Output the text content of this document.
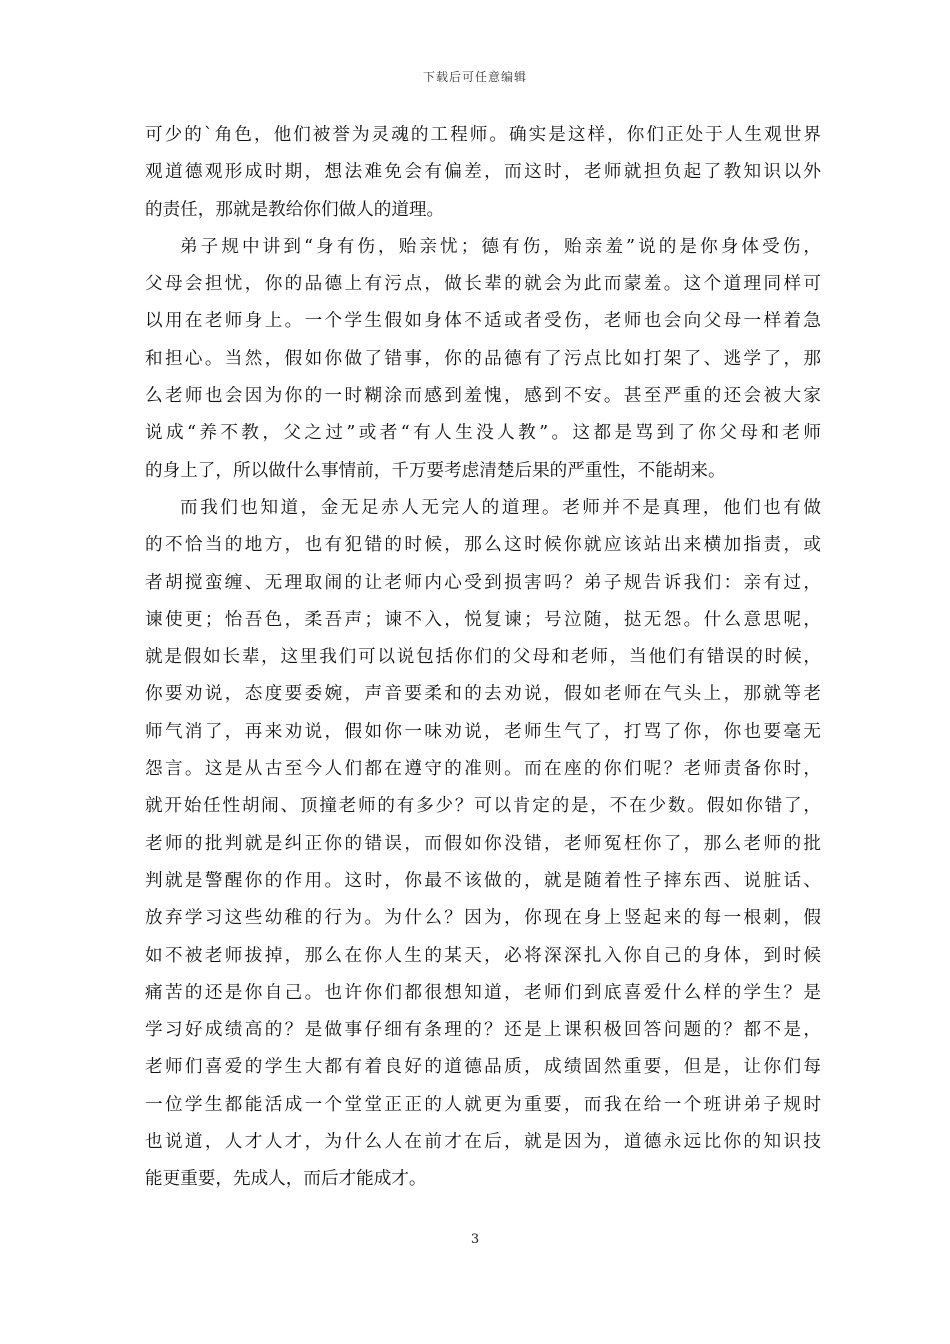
下载后可任意编辑
可少的`角色，他们被誉为灵魂的工程师。确实是这样，你们正处于人生观世界
观道德观形成时期，想法难免会有偏差，而这时，老师就担负起了教知识以外
的责任，那就是教给你们做人的道理。
弟子规中讲到“身有伤，贻亲忧；德有伤，贻亲羞”说的是你身体受伤，
父母会担忧，你的品德上有污点，做长辈的就会为此而蒙羞。这个道理同样可
以用在老师身上。一个学生假如身体不适或者受伤，老师也会向父母一样着急
和担心。当然，假如你做了错事，你的品德有了污点比如打架了、逃学了，那
么老师也会因为你的一时糊涂而感到羞愧，感到不安。甚至严重的还会被大家
说成“养不教，父之过”或者“有人生没人教”。这都是骂到了你父母和老师
的身上了，所以做什么事情前，千万要考虑清楚后果的严重性，不能胡来。
而我们也知道，金无足赤人无完人的道理。老师并不是真理，他们也有做
的不恰当的地方，也有犯错的时候，那么这时候你就应该站出来横加指责，或
者胡搅蛮缠、无理取闹的让老师内心受到损害吗？弟子规告诉我们：亲有过，
谏使更；怡吾色，柔吾声；谏不入，悦复谏；号泣随，挞无怨。什么意思呢，
就是假如长辈，这里我们可以说包括你们的父母和老师，当他们有错误的时候，
你要劝说，态度要委婉，声音要柔和的去劝说，假如老师在气头上，那就等老
师气消了，再来劝说，假如你一味劝说，老师生气了，打骂了你，你也要毫无
怨言。这是从古至今人们都在遵守的准则。而在座的你们呢？老师责备你时，
就开始任性胡闹、顶撞老师的有多少？可以肯定的是，不在少数。假如你错了，
老师的批判就是纠正你的错误，而假如你没错，老师冤枉你了，那么老师的批
判就是警醒你的作用。这时，你最不该做的，就是随着性子摔东西、说脏话、
放弃学习这些幼稚的行为。为什么？因为，你现在身上竖起来的每一根刺，假
如不被老师拔掉，那么在你人生的某天，必将深深扎入你自己的身体，到时候
痛苦的还是你自己。也许你们都很想知道，老师们到底喜爱什么样的学生？是
学习好成绩高的？是做事仔细有条理的？还是上课积极回答问题的？都不是，
老师们喜爱的学生大都有着良好的道德品质，成绩固然重要，但是，让你们每
一位学生都能活成一个堂堂正正的人就更为重要，而我在给一个班讲弟子规时
也说道，人才人才，为什么人在前才在后，就是因为，道德永远比你的知识技
能更重要，先成人，而后才能成才。
3
